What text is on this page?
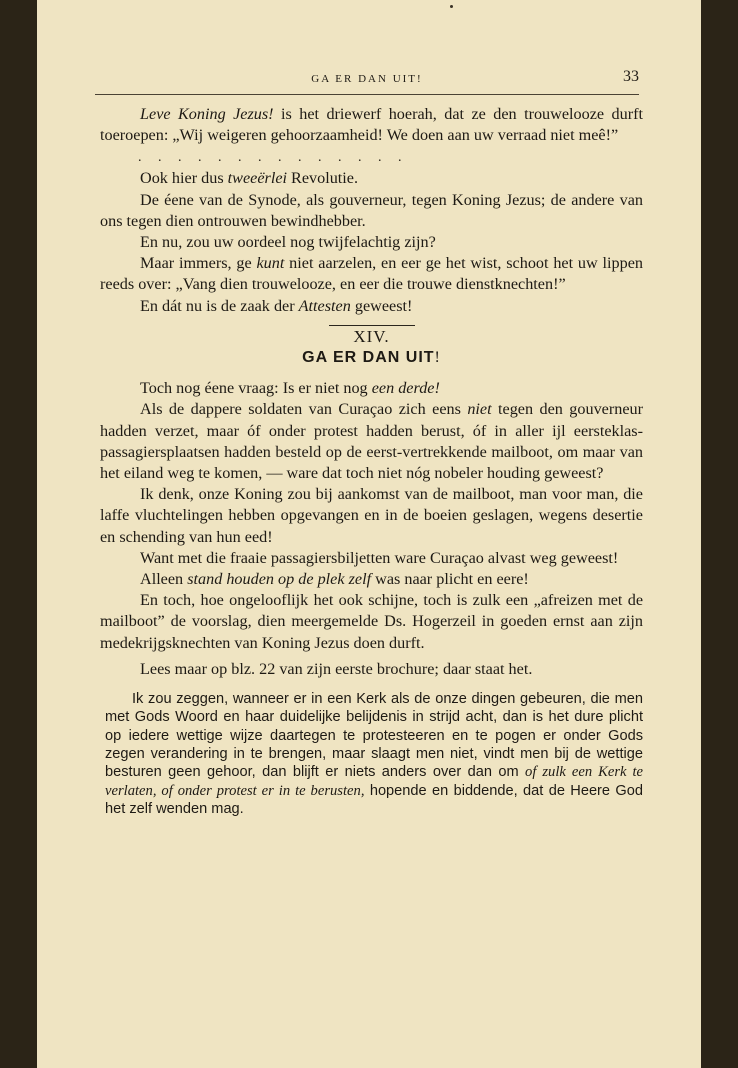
GA ER DAN UIT!	33

Leve Koning Jezus! is het driewerf hoerah, dat ze den trouwelooze durft toeroepen: „Wij weigeren gehoorzaamheid! We doen aan uw verraad niet meê!”

. . . . . . . . . . . . . .

Ook hier dus tweeërlei Revolutie.

De éene van de Synode, als gouverneur, tegen Koning Jezus; de andere van ons tegen dien ontrouwen bewindhebber.

En nu, zou uw oordeel nog twijfelachtig zijn?

Maar immers, ge kunt niet aarzelen, en eer ge het wist, schoot het uw lippen reeds over: „Vang dien trouwelooze, en eer die trouwe dienstknechten!”

En dát nu is de zaak der Attesten geweest!

XIV.

GA ER DAN UIT!

Toch nog éene vraag: Is er niet nog een derde!

Als de dappere soldaten van Curaçao zich eens niet tegen den gouverneur hadden verzet, maar óf onder protest hadden berust, óf in aller ijl eersteklas-passagiersplaatsen hadden besteld op de eerst-vertrekkende mailboot, om maar van het eiland weg te komen, — ware dat toch niet nóg nobeler houding geweest?

Ik denk, onze Koning zou bij aankomst van de mailboot, man voor man, die laffe vluchtelingen hebben opgevangen en in de boeien geslagen, wegens desertie en schending van hun eed!

Want met die fraaie passagiersbiljetten ware Curaçao alvast weg geweest!

Alleen stand houden op de plek zelf was naar plicht en eere!

En toch, hoe ongelooflijk het ook schijne, toch is zulk een „afreizen met de mailboot” de voorslag, dien meergemelde Ds. Hogerzeil in goeden ernst aan zijn medekrijgsknechten van Koning Jezus doen durft.

Lees maar op blz. 22 van zijn eerste brochure; daar staat het.

Ik zou zeggen, wanneer er in een Kerk als de onze dingen gebeuren, die men met Gods Woord en haar duidelijke belijdenis in strijd acht, dan is het dure plicht op iedere wettige wijze daartegen te protesteeren en te pogen er onder Gods zegen verandering in te brengen, maar slaagt men niet, vindt men bij de wettige besturen geen gehoor, dan blijft er niets anders over dan om of zulk een Kerk te verlaten, of onder protest er in te berusten, hopende en biddende, dat de Heere God het zelf wenden mag.
